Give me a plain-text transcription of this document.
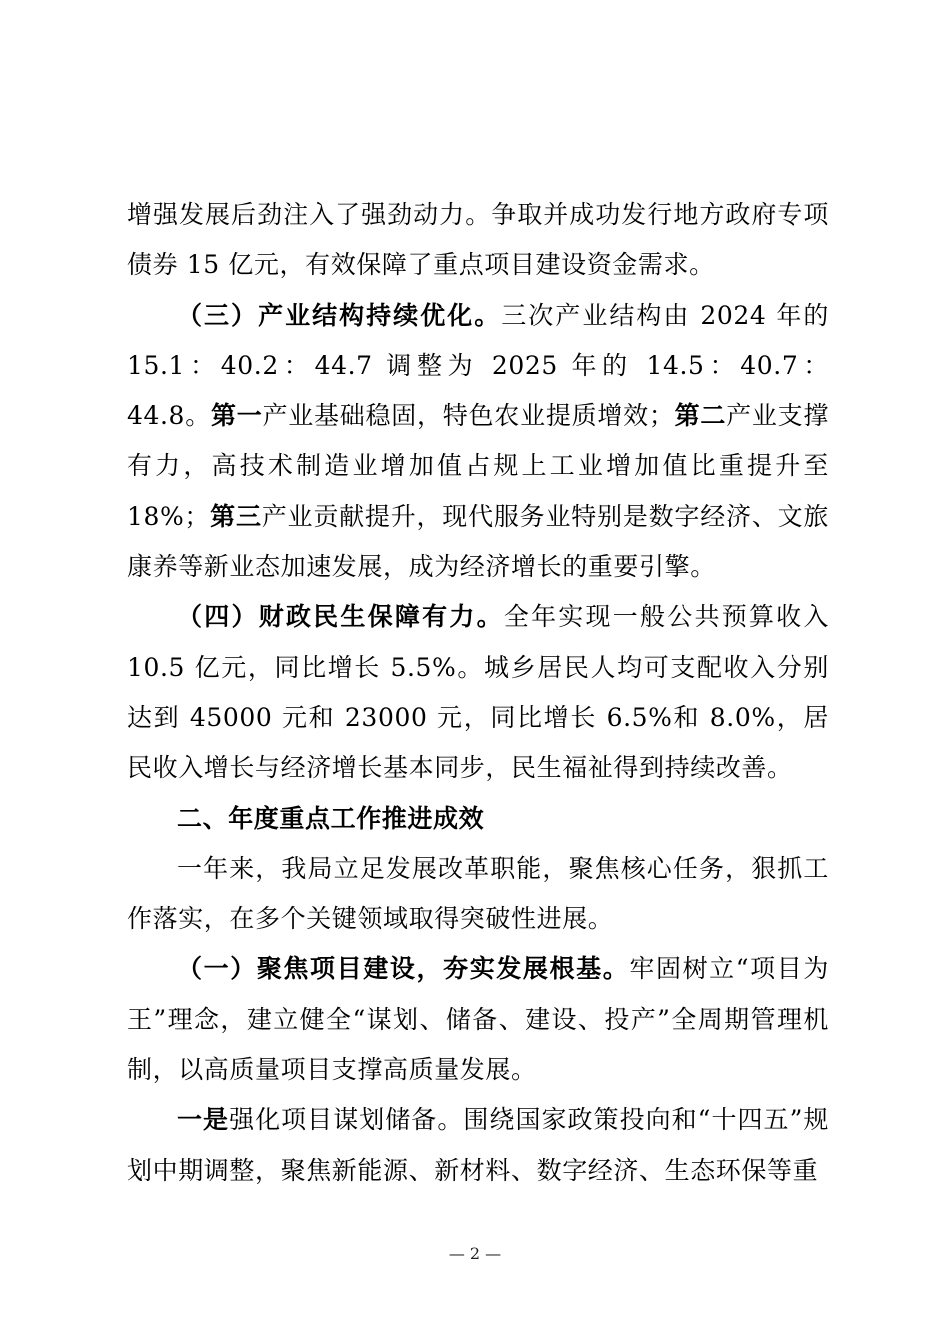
增强发展后劲注入了强劲动力。争取并成功发行地方政府专项债券 15 亿元，有效保障了重点项目建设资金需求。

（三）产业结构持续优化。三次产业结构由 2024 年的 15.1：40.2：44.7 调整为 2025 年的 14.5：40.7：44.8。第一产业基础稳固，特色农业提质增效；第二产业支撑有力，高技术制造业增加值占规上工业增加值比重提升至 18%；第三产业贡献提升，现代服务业特别是数字经济、文旅康养等新业态加速发展，成为经济增长的重要引擎。

（四）财政民生保障有力。全年实现一般公共预算收入 10.5 亿元，同比增长 5.5%。城乡居民人均可支配收入分别达到 45000 元和 23000 元，同比增长 6.5%和 8.0%，居民收入增长与经济增长基本同步，民生福祉得到持续改善。

二、年度重点工作推进成效

一年来，我局立足发展改革职能，聚焦核心任务，狠抓工作落实，在多个关键领域取得突破性进展。

（一）聚焦项目建设，夯实发展根基。牢固树立“项目为王”理念，建立健全“谋划、储备、建设、投产”全周期管理机制，以高质量项目支撑高质量发展。

一是强化项目谋划储备。围绕国家政策投向和“十四五”规划中期调整，聚焦新能源、新材料、数字经济、生态环保等重

— 2 —
